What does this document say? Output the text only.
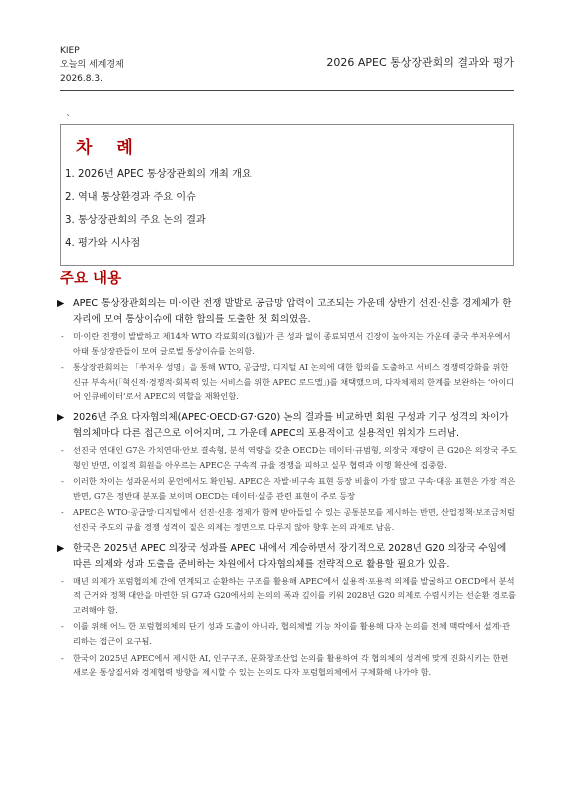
KIEP
오늘의 세계경제
2026.8.3.
2026 APEC 통상장관회의 결과와 평가
`
차 례
1. 2026년 APEC 통상장관회의 개최 개요
2. 역내 통상환경과 주요 이슈
3. 통상장관회의 주요 논의 결과
4. 평가와 시사점
주요 내용
▶ APEC 통상장관회의는 미·이란 전쟁 발발로 공급망 압력이 고조되는 가운데 상반기 선진·신흥 경제체가 한자리에 모여 통상이슈에 대한 합의를 도출한 첫 회의였음.
- 미·이란 전쟁이 발발하고 제14차 WTO 각료회의(3월)가 큰 성과 없이 종료되면서 긴장이 높아지는 가운데 중국 쑤저우에서 아태 통상장관들이 모여 글로벌 통상이슈를 논의함.
- 통상장관회의는 「쑤저우 성명」을 통해 WTO, 공급망, 디지털 AI 논의에 대한 합의를 도출하고 서비스 경쟁력강화를 위한 신규 부속서(「혁신적·경쟁적·회복력 있는 서비스를 위한 APEC 로드맵」)를 채택했으며, 다자체제의 한계를 보완하는 ‘아이디어 인큐베이터’로서 APEC의 역할을 재확인함.
▶ 2026년 주요 다자협의체(APEC·OECD·G7·G20) 논의 결과를 비교하면 회원 구성과 기구 성격의 차이가 협의체마다 다른 접근으로 이어지며, 그 가운데 APEC의 포용적이고 실용적인 위치가 드러남.
- 선진국 연대인 G7은 가치연대·안보 결속형, 분석 역량을 갖춘 OECD는 데이터·규범형, 의장국 재량이 큰 G20은 의장국 주도형인 반면, 이질적 회원을 아우르는 APEC은 구속적 규율 경쟁을 피하고 실무 협력과 이행 확산에 집중함.
- 이러한 차이는 성과문서의 문언에서도 확인됨. APEC은 자발·비구속 표현 등장 비율이 가장 많고 구속·대응 표현은 가장 적은 반면, G7은 정반대 분포를 보이며 OECD는 데이터·실증 관련 표현이 주로 등장
- APEC은 WTO·공급망·디지털에서 선진·신흥 경제가 함께 받아들일 수 있는 공통분모를 제시하는 반면, 산업정책·보조금처럼 선진국 주도의 규율 경쟁 성격이 짙은 의제는 정면으로 다루지 않아 향후 논의 과제로 남음.
▶ 한국은 2025년 APEC 의장국 성과를 APEC 내에서 계승하면서 장기적으로 2028년 G20 의장국 수임에 따른 의제와 성과 도출을 준비하는 차원에서 다자협의체를 전략적으로 활용할 필요가 있음.
- 매년 의제가 포럼협의체 간에 연계되고 순환하는 구조를 활용해 APEC에서 실용적·포용적 의제를 발굴하고 OECD에서 분석적 근거와 정책 대안을 마련한 뒤 G7과 G20에서의 논의의 폭과 깊이를 키워 2028년 G20 의제로 수렴시키는 선순환 경로를 고려해야 함.
- 이를 위해 어느 한 포럼협의체의 단기 성과 도출이 아니라, 협의체별 기능 차이를 활용해 다자 논의를 전체 맥락에서 설계·관리하는 접근이 요구됨.
- 한국이 2025년 APEC에서 제시한 AI, 인구구조, 문화창조산업 논의를 활용하여 각 협의체의 성격에 맞게 진화시키는 한편 새로운 통상질서와 경제협력 방향을 제시할 수 있는 논의도 다자 포럼협의체에서 구체화해 나가야 함.
